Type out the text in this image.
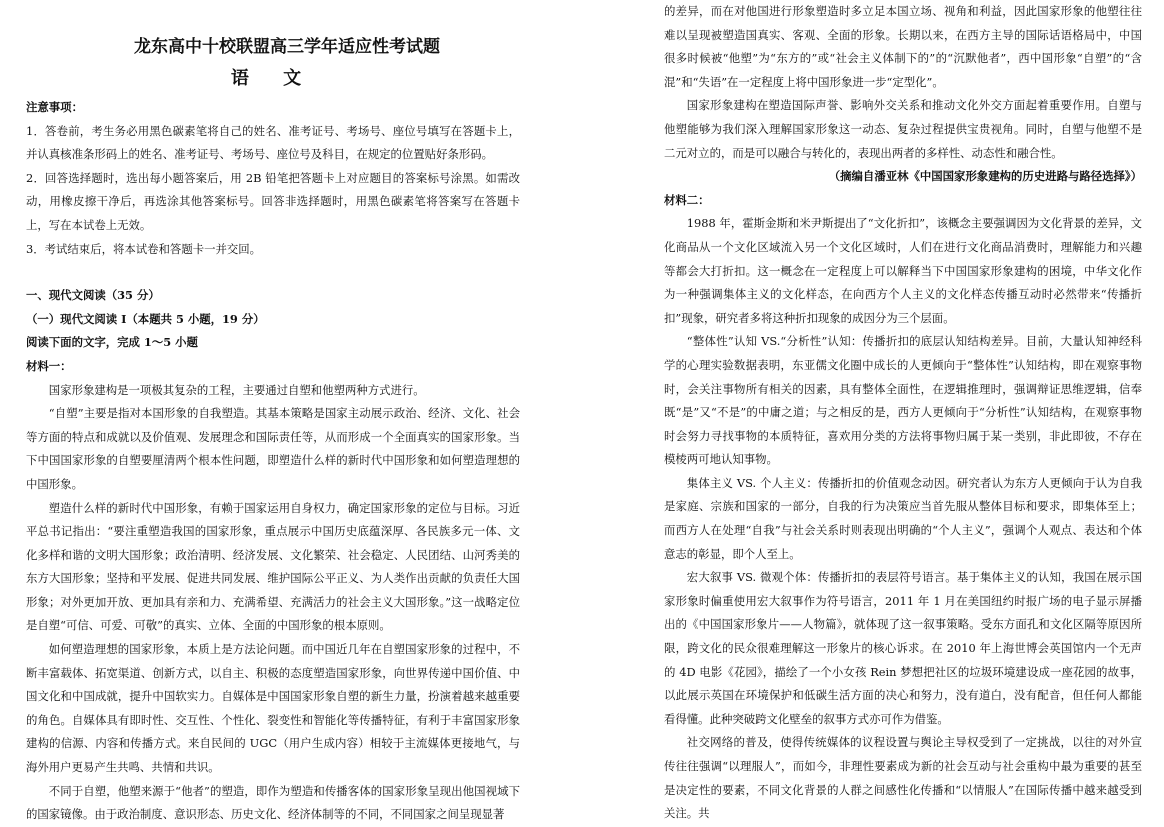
龙东高中十校联盟高三学年适应性考试题
语 文

注意事项：

1．答卷前，考生务必用黑色碳素笔将自己的姓名、准考证号、考场号、座位号填写在答题卡上，并认真核准条形码上的姓名、准考证号、考场号、座位号及科目，在规定的位置贴好条形码。

2．回答选择题时，选出每小题答案后，用 2B 铅笔把答题卡上对应题目的答案标号涂黑。如需改动，用橡皮擦干净后，再选涂其他答案标号。回答非选择题时，用黑色碳素笔将答案写在答题卡上，写在本试卷上无效。

3．考试结束后，将本试卷和答题卡一并交回。

一、现代文阅读（35 分）

（一）现代文阅读 I（本题共 5 小题，19 分）

阅读下面的文字，完成 1～5 小题

材料一：

国家形象建构是一项极其复杂的工程，主要通过自塑和他塑两种方式进行。

“自塑”主要是指对本国形象的自我塑造。其基本策略是国家主动展示政治、经济、文化、社会等方面的特点和成就以及价值观、发展理念和国际责任等，从而形成一个全面真实的国家形象。当下中国国家形象的自塑要厘清两个根本性问题，即塑造什么样的新时代中国形象和如何塑造理想的中国形象。

塑造什么样的新时代中国形象，有赖于国家运用自身权力，确定国家形象的定位与目标。习近平总书记指出：“要注重塑造我国的国家形象，重点展示中国历史底蕴深厚、各民族多元一体、文化多样和谐的文明大国形象；政治清明、经济发展、文化繁荣、社会稳定、人民团结、山河秀美的东方大国形象；坚持和平发展、促进共同发展、维护国际公平正义、为人类作出贡献的负责任大国形象；对外更加开放、更加具有亲和力、充满希望、充满活力的社会主义大国形象。”这一战略定位是自塑“可信、可爱、可敬”的真实、立体、全面的中国形象的根本原则。

如何塑造理想的国家形象，本质上是方法论问题。而中国近几年在自塑国家形象的过程中，不断丰富载体、拓宽渠道、创新方式，以自主、积极的态度塑造国家形象，向世界传递中国价值、中国文化和中国成就，提升中国软实力。自媒体是中国国家形象自塑的新生力量，扮演着越来越重要的角色。自媒体具有即时性、交互性、个性化、裂变性和智能化等传播特征，有利于丰富国家形象建构的信源、内容和传播方式。来自民间的 UGC（用户生成内容）相较于主流媒体更接地气，与海外用户更易产生共鸣、共情和共识。

不同于自塑，他塑来源于“他者”的塑造，即作为塑造和传播客体的国家形象呈现出他国视域下的国家镜像。由于政治制度、意识形态、历史文化、经济体制等的不同，不同国家之间呈现显著

的差异，而在对他国进行形象塑造时多立足本国立场、视角和利益，因此国家形象的他塑往往难以呈现被塑造国真实、客观、全面的形象。长期以来，在西方主导的国际话语格局中，中国很多时候被“他塑”为“东方的”或“社会主义体制下的”的“沉默他者”，西中国形象“自塑”的“含混”和“失语”在一定程度上将中国形象进一步“定型化”。

国家形象建构在塑造国际声誉、影响外交关系和推动文化外交方面起着重要作用。自塑与他塑能够为我们深入理解国家形象这一动态、复杂过程提供宝贵视角。同时，自塑与他塑不是二元对立的，而是可以融合与转化的，表现出两者的多样性、动态性和融合性。

（摘编自潘亚林《中国国家形象建构的历史进路与路径选择》）

材料二：

1988 年，霍斯金斯和米尹斯提出了“文化折扣”，该概念主要强调因为文化背景的差异，文化商品从一个文化区域流入另一个文化区域时，人们在进行文化商品消费时，理解能力和兴趣等都会大打折扣。这一概念在一定程度上可以解释当下中国国家形象建构的困境，中华文化作为一种强调集体主义的文化样态，在向西方个人主义的文化样态传播互动时必然带来“传播折扣”现象，研究者多将这种折扣现象的成因分为三个层面。

“整体性”认知 VS.“分析性”认知：传播折扣的底层认知结构差异。目前，大量认知神经科学的心理实验数据表明，东亚儒文化圈中成长的人更倾向于“整体性”认知结构，即在观察事物时，会关注事物所有相关的因素，具有整体全面性，在逻辑推理时，强调辩证思维逻辑，信奉既“是”又“不是”的中庸之道；与之相反的是，西方人更倾向于“分析性”认知结构，在观察事物时会努力寻找事物的本质特征，喜欢用分类的方法将事物归属于某一类别，非此即彼，不存在模棱两可地认知事物。

集体主义 VS. 个人主义：传播折扣的价值观念动因。研究者认为东方人更倾向于认为自我是家庭、宗族和国家的一部分，自我的行为决策应当首先服从整体目标和要求，即集体至上；而西方人在处理“自我”与社会关系时则表现出明确的“个人主义”，强调个人观点、表达和个体意志的彰显，即个人至上。

宏大叙事 VS. 微观个体：传播折扣的表层符号语言。基于集体主义的认知，我国在展示国家形象时偏重使用宏大叙事作为符号语言，2011 年 1 月在美国纽约时报广场的电子显示屏播出的《中国国家形象片——人物篇》，就体现了这一叙事策略。受东方面孔和文化区隔等原因所限，跨文化的民众很难理解这一形象片的核心诉求。在 2010 年上海世博会英国馆内一个无声的 4D 电影《花园》，描绘了一个小女孩 Rein 梦想把社区的垃圾环境建设成一座花园的故事，以此展示英国在环境保护和低碳生活方面的决心和努力，没有道白，没有配音，但任何人都能看得懂。此种突破跨文化壁垒的叙事方式亦可作为借鉴。

社交网络的普及，使得传统媒体的议程设置与舆论主导权受到了一定挑战，以往的对外宣传往往强调“以理服人”，而如今，非理性要素成为新的社会互动与社会重构中最为重要的甚至是决定性的要素，不同文化背景的人群之间感性化传播和“以情服人”在国际传播中越来越受到关注。共
